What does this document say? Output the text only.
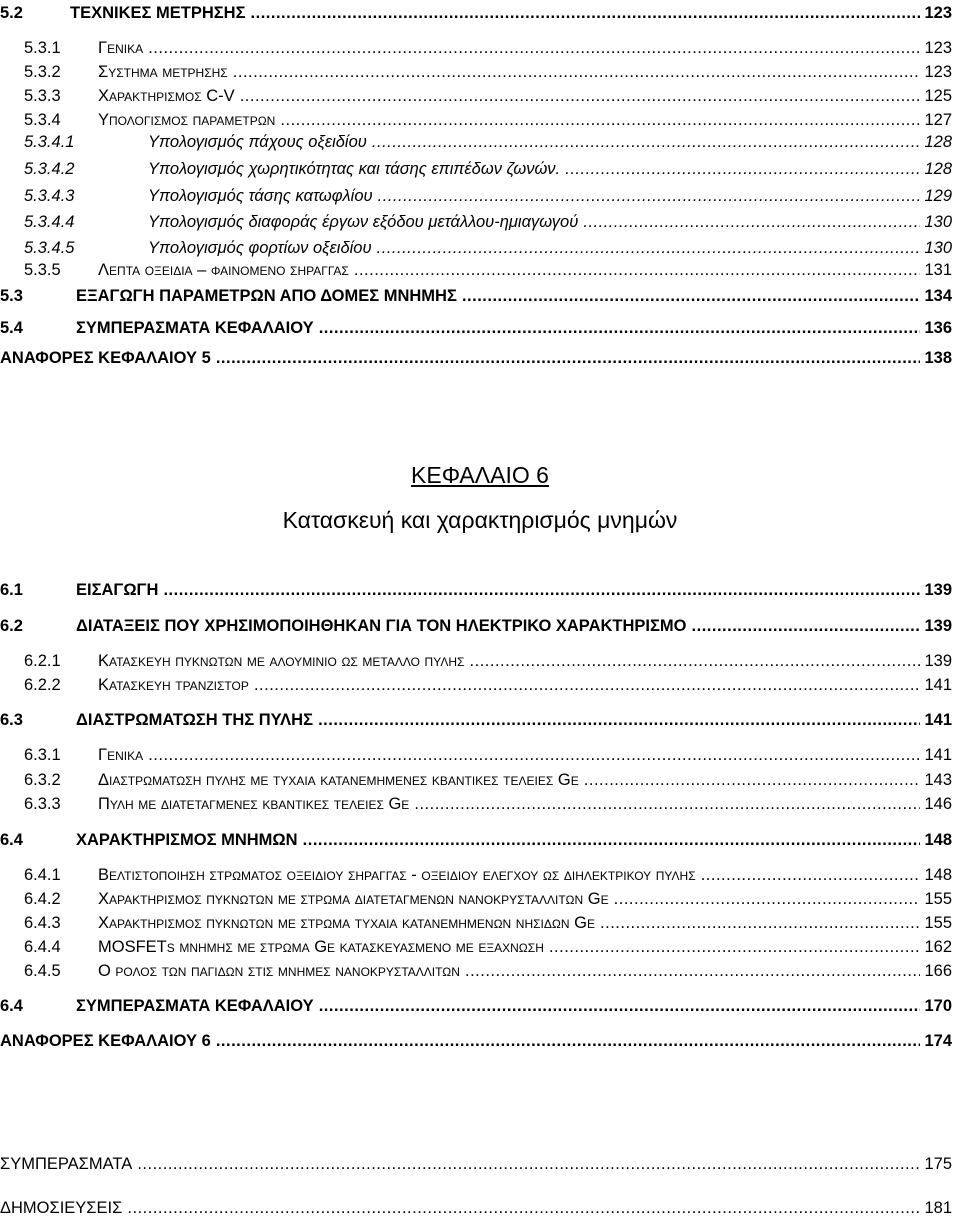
5.2	ΤΕΧΝΙΚΕΣ ΜΕΤΡΗΣΗΣ .....	123
5.3.1 Γενικα .....	123
5.3.2 Συστημα μετρησησ .....	123
5.3.3 Χαρακτηρισμοσ C-V .....	125
5.3.4 Υπολογισμοσ παραμετρων .....	127
5.3.4.1	Υπολογισμός πάχους οξειδίου .....	128
5.3.4.2	Υπολογισμός χωρητικότητας και τάσης επιπέδων ζωνών. .....	128
5.3.4.3	Υπολογισμός τάσης κατωφλίου .....	129
5.3.4.4	Υπολογισμός διαφοράς έργων εξόδου μετάλλου-ημιαγωγού .....	130
5.3.4.5	Υπολογισμός φορτίων οξειδίου .....	130
5.3.5 Λεπτα οξειδια – φαινομενο σηραγγασ .....	131
5.3	ΕΞΑΓΩΓΗ ΠΑΡΑΜΕΤΡΩΝ ΑΠΟ ΔΟΜΕΣ ΜΝΗΜΗΣ .....	134
5.4	ΣΥΜΠΕΡΑΣΜΑΤΑ ΚΕΦΑΛΑΙΟΥ .....	136
ΑΝΑΦΟΡΕΣ ΚΕΦΑΛΑΙΟΥ 5 .....	138
ΚΕΦΑΛΑΙΟ 6
Κατασκευή και χαρακτηρισμός μνημών
6.1	ΕΙΣΑΓΩΓΗ .....	139
6.2	ΔΙΑΤΑΞΕΙΣ ΠΟΥ ΧΡΗΣΙΜΟΠΟΙΗΘΗΚΑΝ ΓΙΑ ΤΟΝ ΗΛΕΚΤΡΙΚΟ ΧΑΡΑΚΤΗΡΙΣΜΟ .....	139
6.2.1 Κατασκευη πυκνωτων με αλουμινιο ωσ μεταλλο πυλησ .....	139
6.2.2 Κατασκευη τρανζιστορ .....	141
6.3	ΔΙΑΣΤΡΩΜΑΤΩΣΗ ΤΗΣ ΠΥΛΗΣ .....	141
6.3.1 Γενικα .....	141
6.3.2 Διαστρωματωση πυλησ με τυχαια κατανεμημενεσ κβαντικεσ τελειεσ Ge .....	143
6.3.3 Πυλη με διατεταγμενεσ κβαντικεσ τελειεσ Ge .....	146
6.4	ΧΑΡΑΚΤΗΡΙΣΜΟΣ ΜΝΗΜΩΝ .....	148
6.4.1 Βελτιστοποιηση στρωματοσ οξειδιου σηραγγασ - οξειδιου ελεγχου ωσ διηλεκτρικου πυλησ .....	148
6.4.2 Χαρακτηρισμοσ πυκνωτων με στρωμα διατεταγμενων νανοκρυσταλλιτων Ge .....	155
6.4.3 Χαρακτηρισμοσ πυκνωτων με στρωμα τυχαια κατανεμημενων νησιδων Ge .....	155
6.4.4 MOSFETs μνημησ με στρωμα Ge κατασκευασμενο με εξαχνωση .....	162
6.4.5 Ο ρολοσ των παγιδων στισ μνημεσ νανοκρυσταλλιτων .....	166
6.4	ΣΥΜΠΕΡΑΣΜΑΤΑ ΚΕΦΑΛΑΙΟΥ .....	170
ΑΝΑΦΟΡΕΣ ΚΕΦΑΛΑΙΟΥ 6 .....	174
ΣΥΜΠΕΡΑΣΜΑΤΑ .....	175
ΔΗΜΟΣΙΕΥΣΕΙΣ .....	181
